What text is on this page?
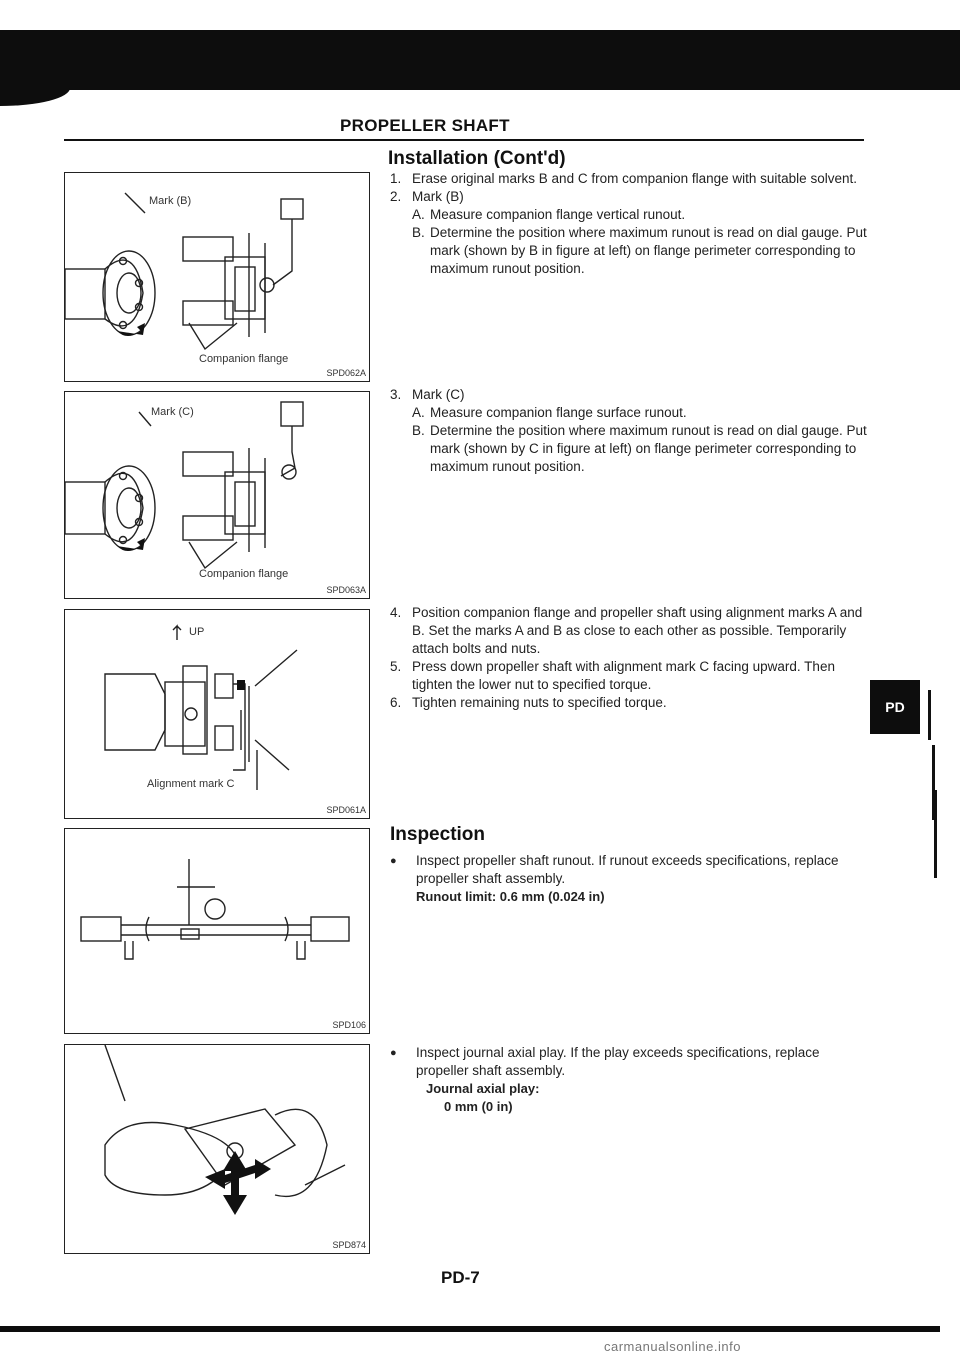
PROPELLER SHAFT
Mark (B)
Companion flange
SPD062A
Mark (C)
Companion flange
SPD063A
UP
Alignment mark C
SPD061A
SPD106
SPD874
Installation (Cont'd)
1. Erase original marks B and C from companion flange with suitable solvent.
2. Mark (B)
A. Measure companion flange vertical runout.
B. Determine the position where maximum runout is read on dial gauge. Put mark (shown by B in figure at left) on flange perimeter corresponding to maximum runout position.
3. Mark (C)
A. Measure companion flange surface runout.
B. Determine the position where maximum runout is read on dial gauge. Put mark (shown by C in figure at left) on flange perimeter corresponding to maximum runout position.
4. Position companion flange and propeller shaft using alignment marks A and B. Set the marks A and B as close to each other as possible. Temporarily attach bolts and nuts.
5. Press down propeller shaft with alignment mark C facing upward. Then tighten the lower nut to specified torque.
6. Tighten remaining nuts to specified torque.
Inspection
●	Inspect propeller shaft runout. If runout exceeds specifications, replace propeller shaft assembly.
Runout limit: 0.6 mm (0.024 in)
●	Inspect journal axial play. If the play exceeds specifications, replace propeller shaft assembly.
Journal axial play:
0 mm (0 in)
PD
PD-7
carmanualsonline.info
